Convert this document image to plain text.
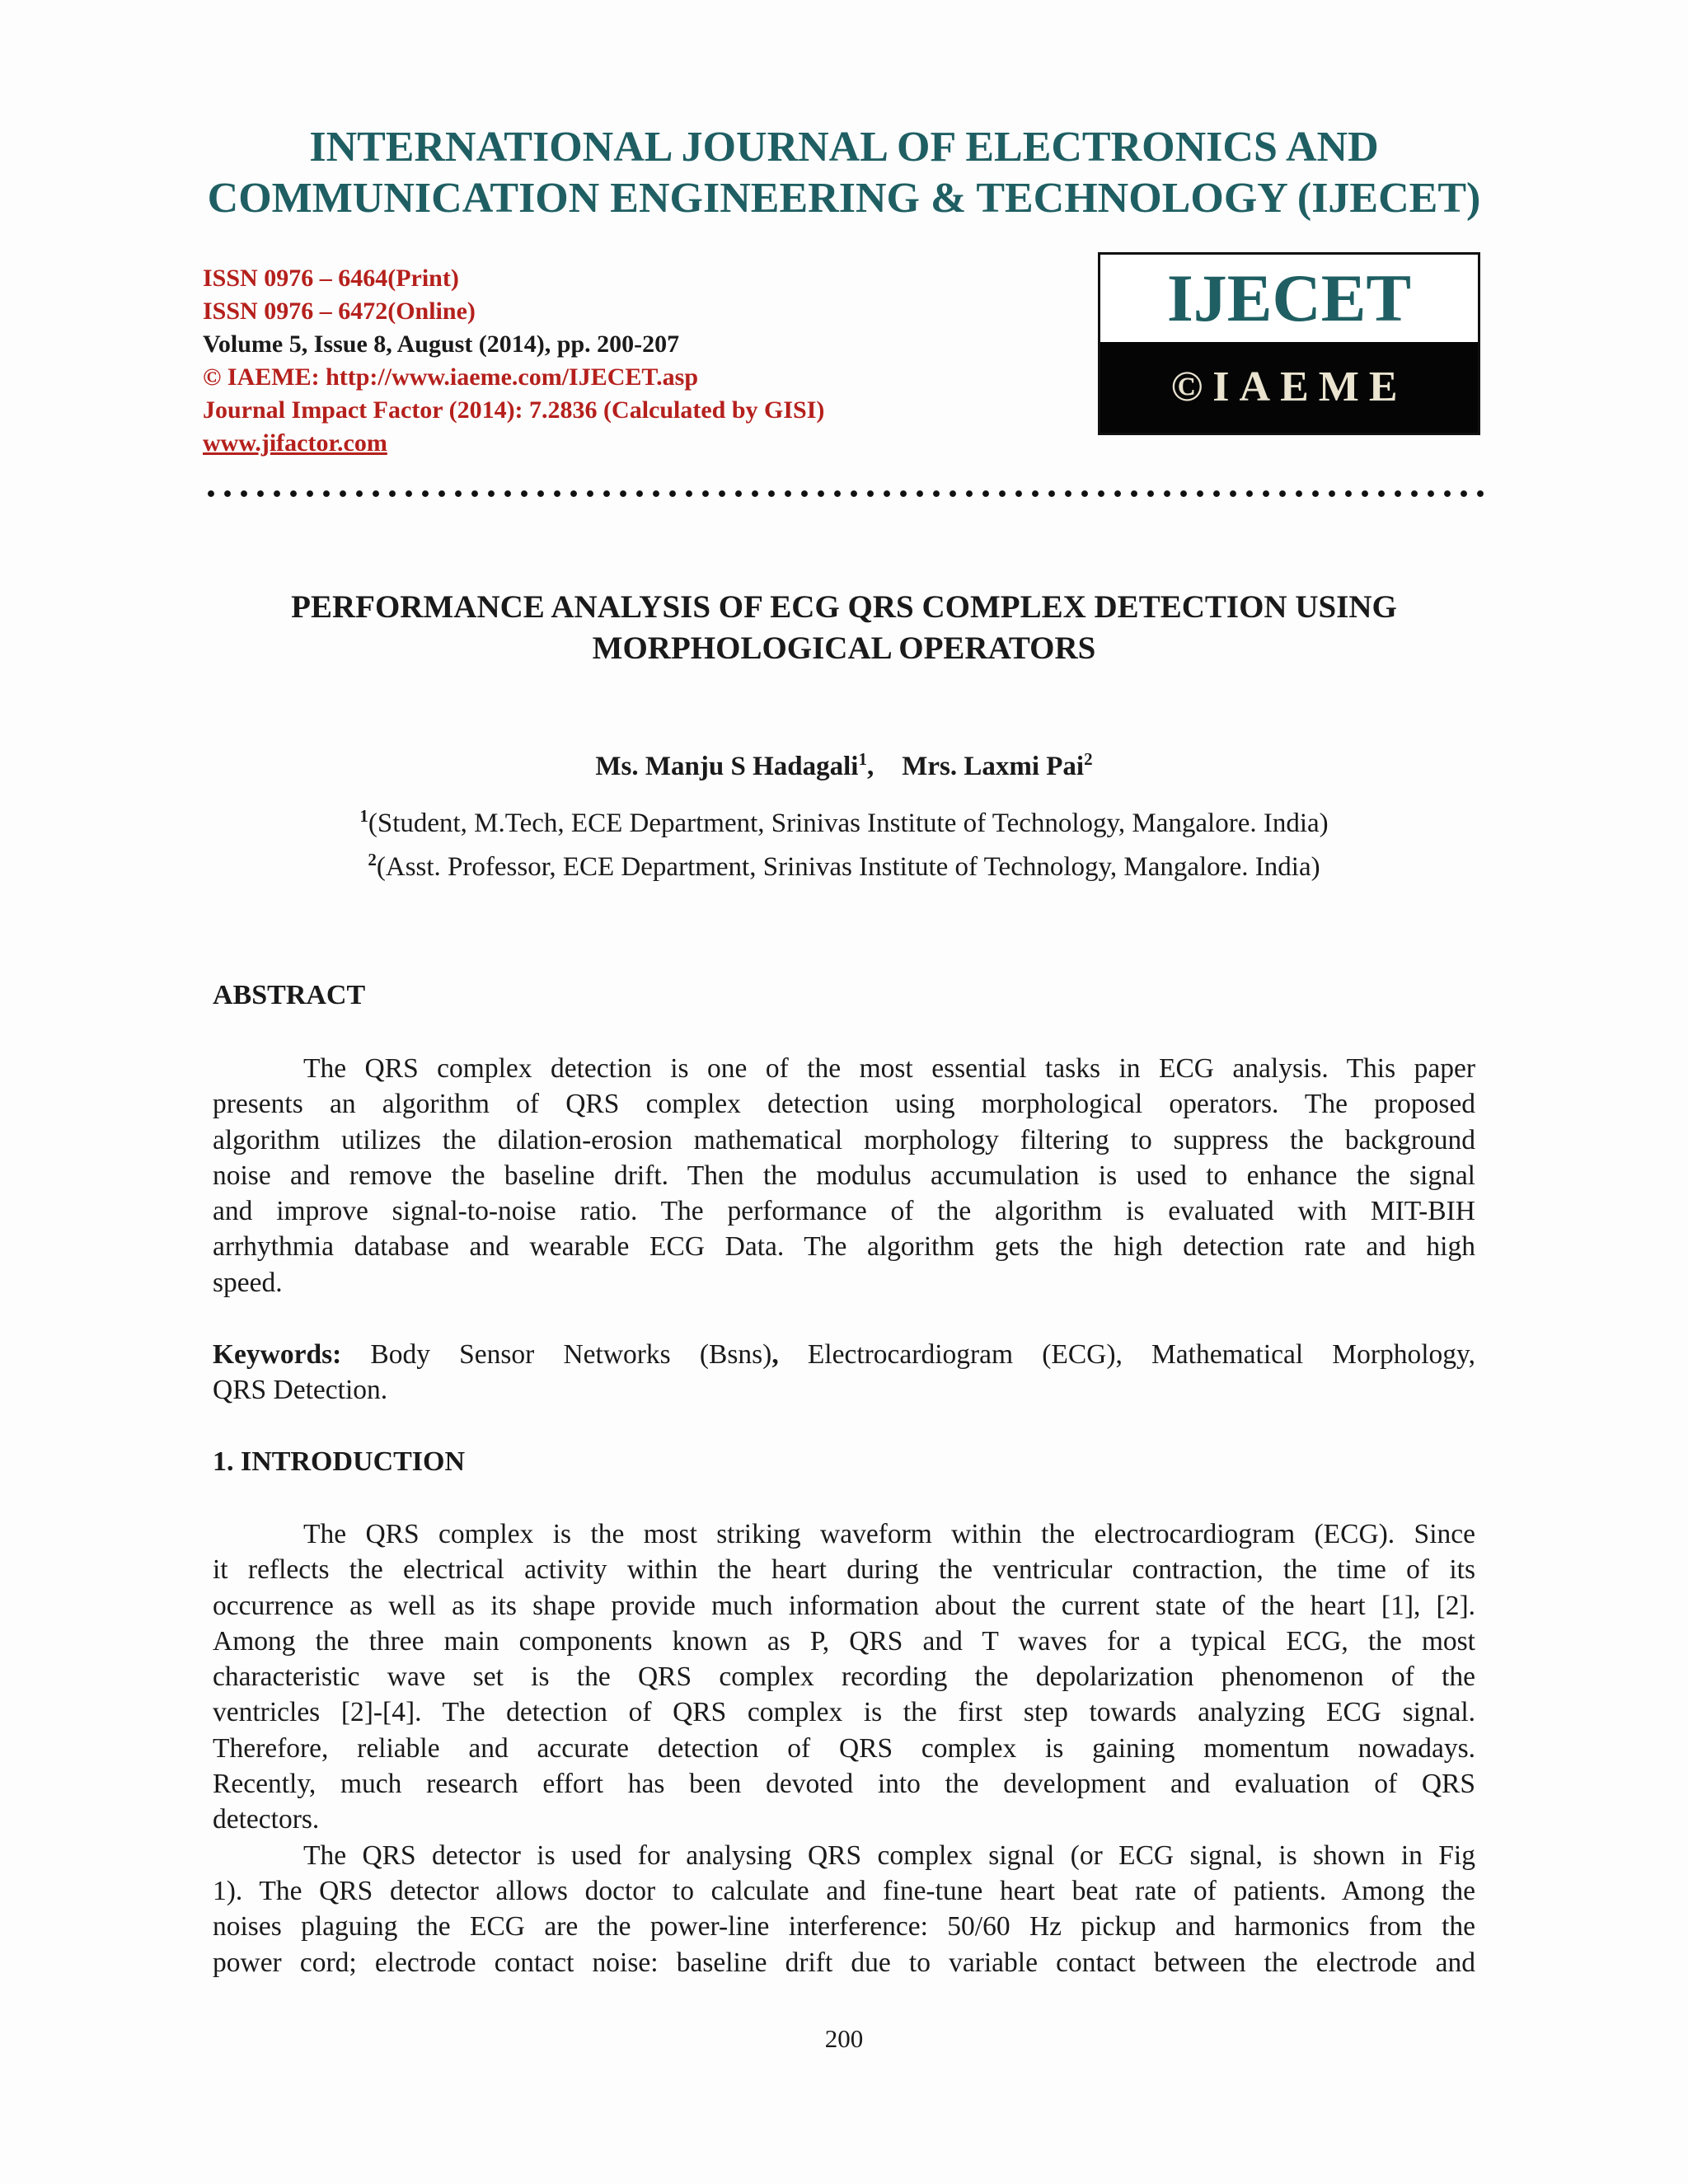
INTERNATIONAL JOURNAL OF ELECTRONICS AND
COMMUNICATION ENGINEERING & TECHNOLOGY (IJECET)
ISSN 0976 – 6464(Print)
ISSN 0976 – 6472(Online)
Volume 5, Issue 8, August (2014), pp. 200-207
© IAEME: http://www.iaeme.com/IJECET.asp
Journal Impact Factor (2014): 7.2836 (Calculated by GISI)
www.jifactor.com
IJECET
©IAEME
PERFORMANCE ANALYSIS OF ECG QRS COMPLEX DETECTION USING
MORPHOLOGICAL OPERATORS
Ms. Manju S Hadagali$^1$, Mrs. Laxmi Pai$^2$
$^1$(Student, M.Tech, ECE Department, Srinivas Institute of Technology, Mangalore. India)
$^2$(Asst. Professor, ECE Department, Srinivas Institute of Technology, Mangalore. India)
ABSTRACT
The QRS complex detection is one of the most essential tasks in ECG analysis. This paper
presents an algorithm of QRS complex detection using morphological operators. The proposed
algorithm utilizes the dilation-erosion mathematical morphology filtering to suppress the background
noise and remove the baseline drift. Then the modulus accumulation is used to enhance the signal
and improve signal-to-noise ratio. The performance of the algorithm is evaluated with MIT-BIH
arrhythmia database and wearable ECG Data. The algorithm gets the high detection rate and high
speed.
Keywords: Body Sensor Networks (Bsns), Electrocardiogram (ECG), Mathematical Morphology,
QRS Detection.
1. INTRODUCTION
The QRS complex is the most striking waveform within the electrocardiogram (ECG). Since
it reflects the electrical activity within the heart during the ventricular contraction, the time of its
occurrence as well as its shape provide much information about the current state of the heart [1], [2].
Among the three main components known as P, QRS and T waves for a typical ECG, the most
characteristic wave set is the QRS complex recording the depolarization phenomenon of the
ventricles [2]-[4]. The detection of QRS complex is the first step towards analyzing ECG signal.
Therefore, reliable and accurate detection of QRS complex is gaining momentum nowadays.
Recently, much research effort has been devoted into the development and evaluation of QRS
detectors.
The QRS detector is used for analysing QRS complex signal (or ECG signal, is shown in Fig
1). The QRS detector allows doctor to calculate and fine-tune heart beat rate of patients. Among the
noises plaguing the ECG are the power-line interference: 50/60 Hz pickup and harmonics from the
power cord; electrode contact noise: baseline drift due to variable contact between the electrode and
200
